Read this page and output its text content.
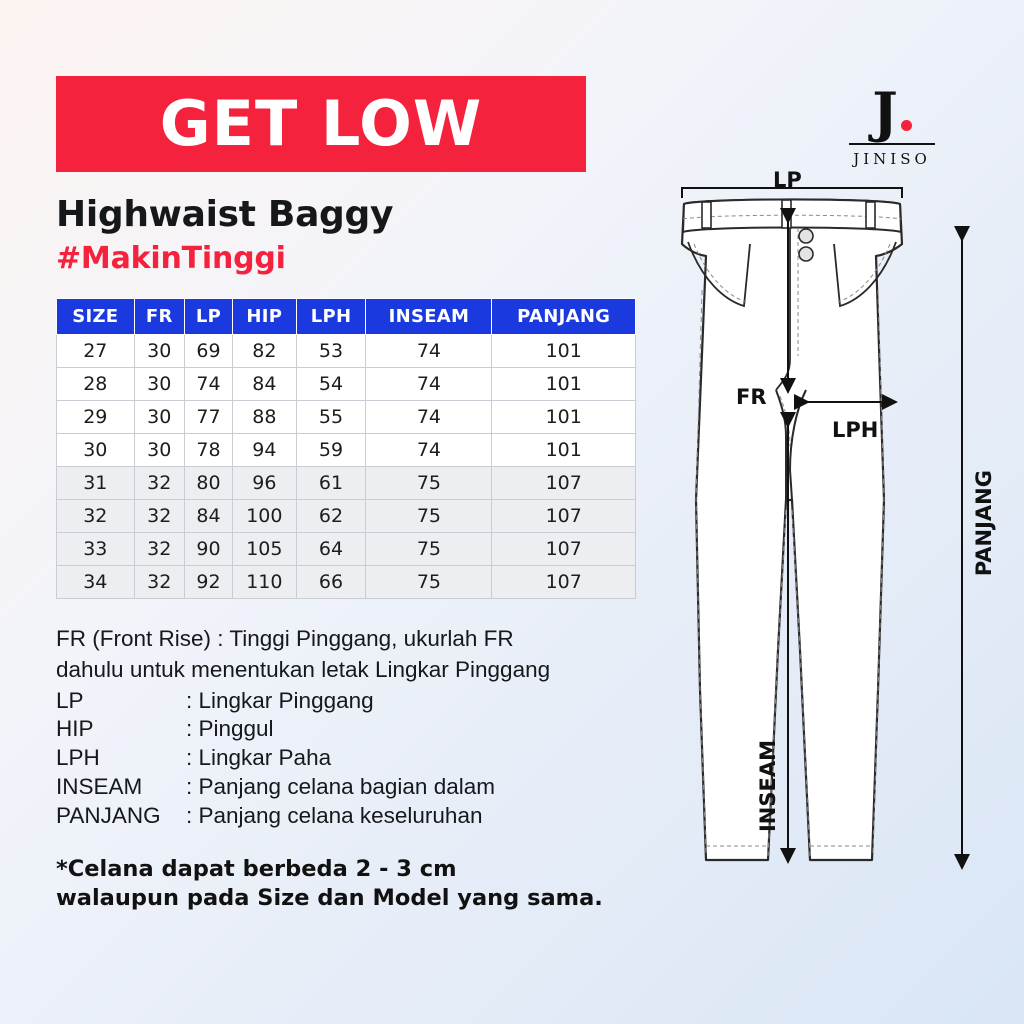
GET LOW
Highwaist Baggy
#MakinTinggi
SIZE	FR	LP	HIP	LPH	INSEAM	PANJANG
27	30	69	82	53	74	101
28	30	74	84	54	74	101
29	30	77	88	55	74	101
30	30	78	94	59	74	101
31	32	80	96	61	75	107
32	32	84	100	62	75	107
33	32	90	105	64	75	107
34	32	92	110	66	75	107
FR (Front Rise) : Tinggi Pinggang, ukurlah FR
dahulu untuk menentukan letak Lingkar Pinggang
LP	: Lingkar Pinggang
HIP	: Pinggul
LPH	: Lingkar Paha
INSEAM	: Panjang celana bagian dalam
PANJANG	: Panjang celana keseluruhan
*Celana dapat berbeda 2 - 3 cm
walaupun pada Size dan Model yang sama.
J
JINISO
LP
FR
LPH
PANJANG
INSEAM
